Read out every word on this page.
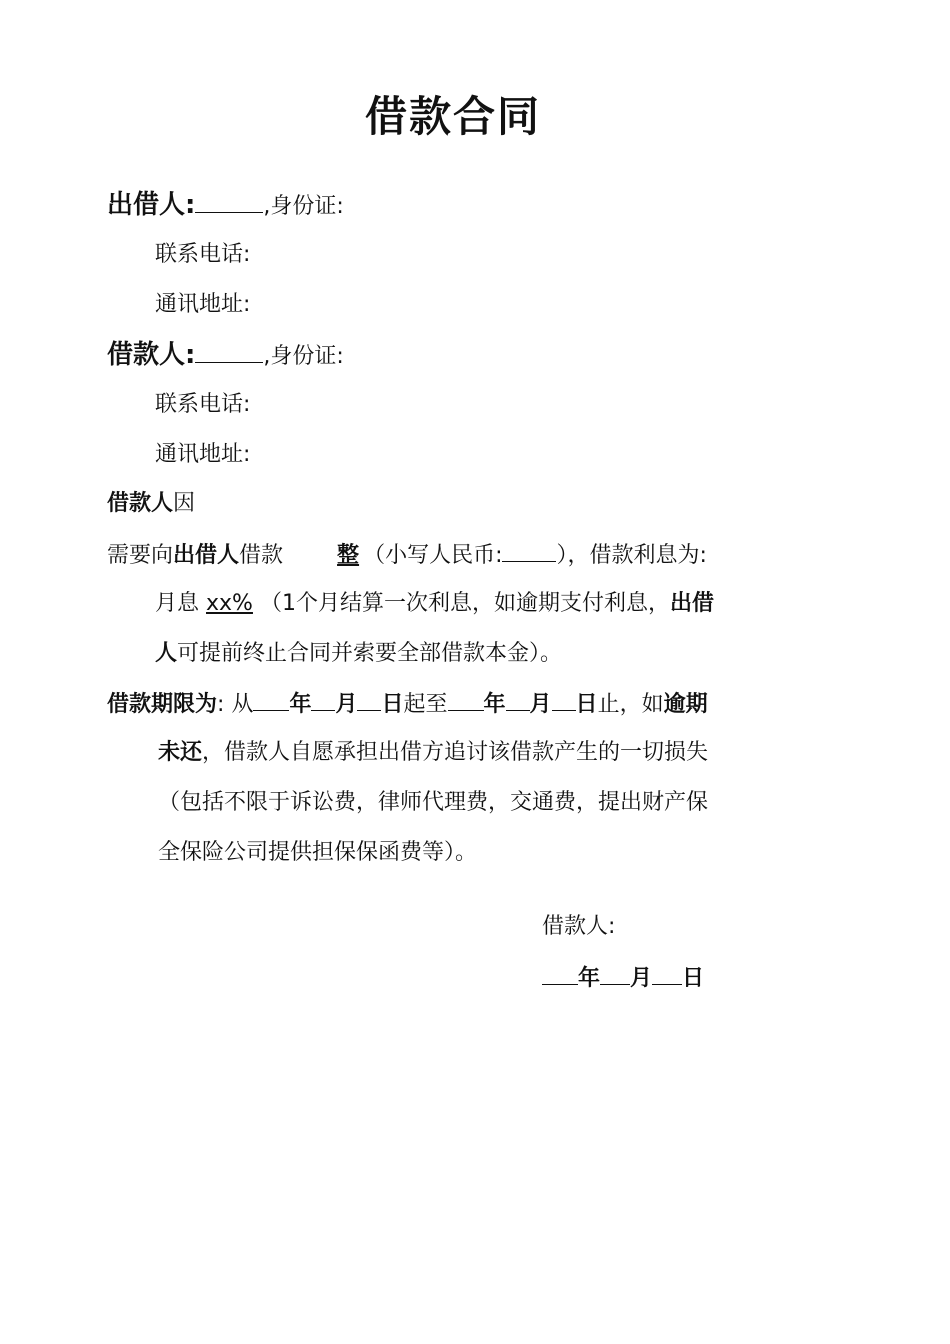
借款合同
出借人:	,身份证:
联系电话:
通讯地址:
借款人:	,身份证:
联系电话:
通讯地址:
借款人因
需要向出借人借款 整 （小写人民币: ），借款利息为:
月息 xx% （1个月结算一次利息，如逾期支付利息，出借
人可提前终止合同并索要全部借款本金）。
借款期限为: 从 年 月 日起至 年 月 日止，如逾期
未还，借款人自愿承担出借方追讨该借款产生的一切损失
（包括不限于诉讼费，律师代理费，交通费，提出财产保
全保险公司提供担保保函费等）。
借款人:
年 月 日
